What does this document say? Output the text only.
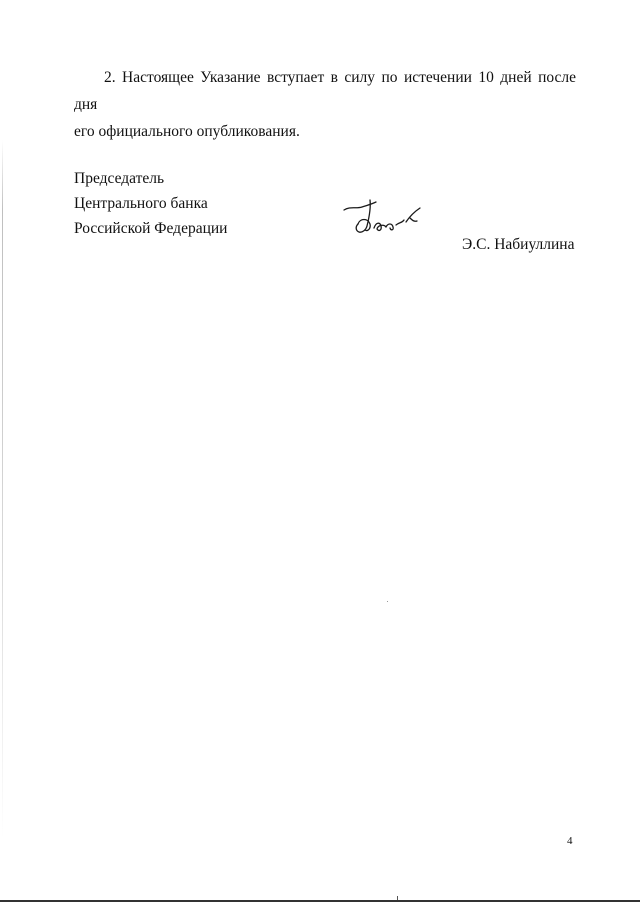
2. Настоящее Указание вступает в силу по истечении 10 дней после дня
его официального опубликования.

Председатель

Центрального банка

Российской Федерации

Э.С. Набиуллина

4
